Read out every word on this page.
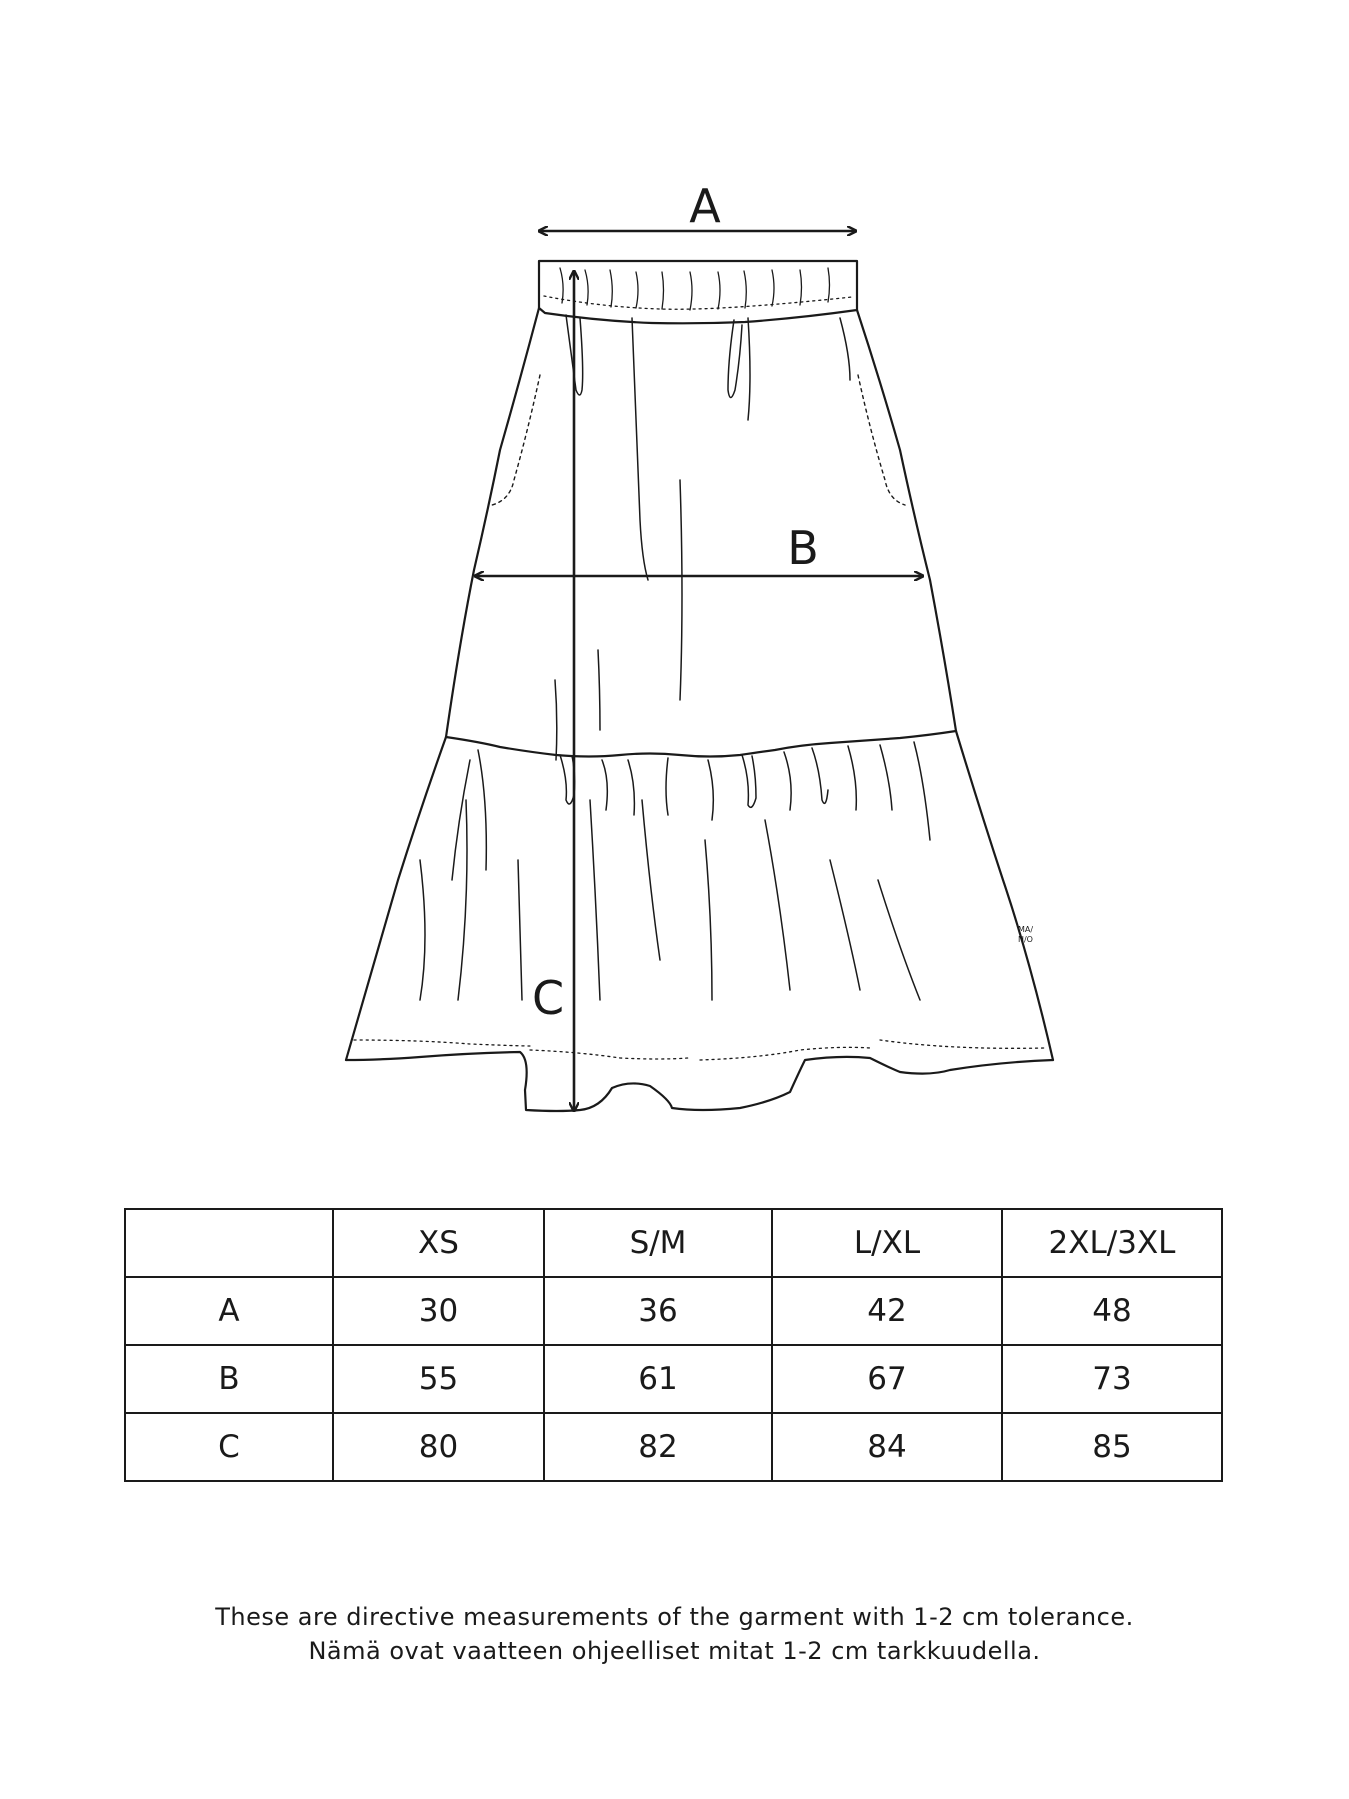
A
B
C
MA/
N/O
	XS	S/M	L/XL	2XL/3XL
A	30	36	42	48
B	55	61	67	73
C	80	82	84	85
These are directive measurements of the garment with 1-2 cm tolerance.
Nämä ovat vaatteen ohjeelliset mitat 1-2 cm tarkkuudella.
